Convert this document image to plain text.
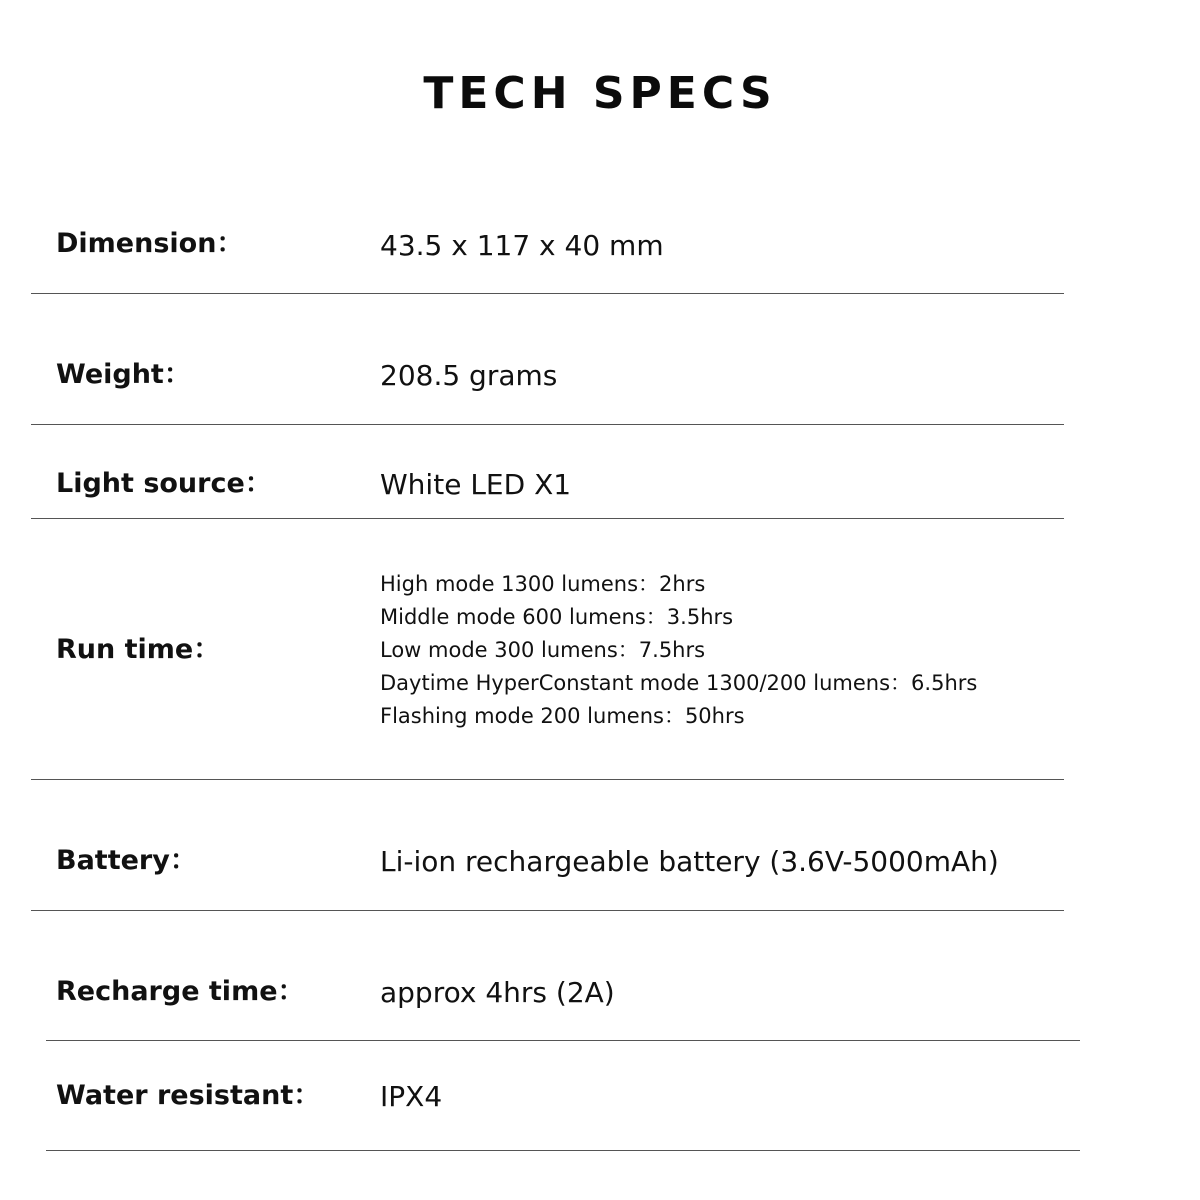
TECH SPECS
Dimension：	43.5 x 117 x 40 mm
Weight：	208.5 grams
Light source：	White LED X1
Run time：
High mode 1300 lumens：2hrs
Middle mode 600 lumens：3.5hrs
Low mode 300 lumens：7.5hrs
Daytime HyperConstant mode 1300/200 lumens：6.5hrs
Flashing mode 200 lumens：50hrs
Battery：	Li-ion rechargeable battery (3.6V-5000mAh)
Recharge time：	approx 4hrs (2A)
Water resistant： IPX4
